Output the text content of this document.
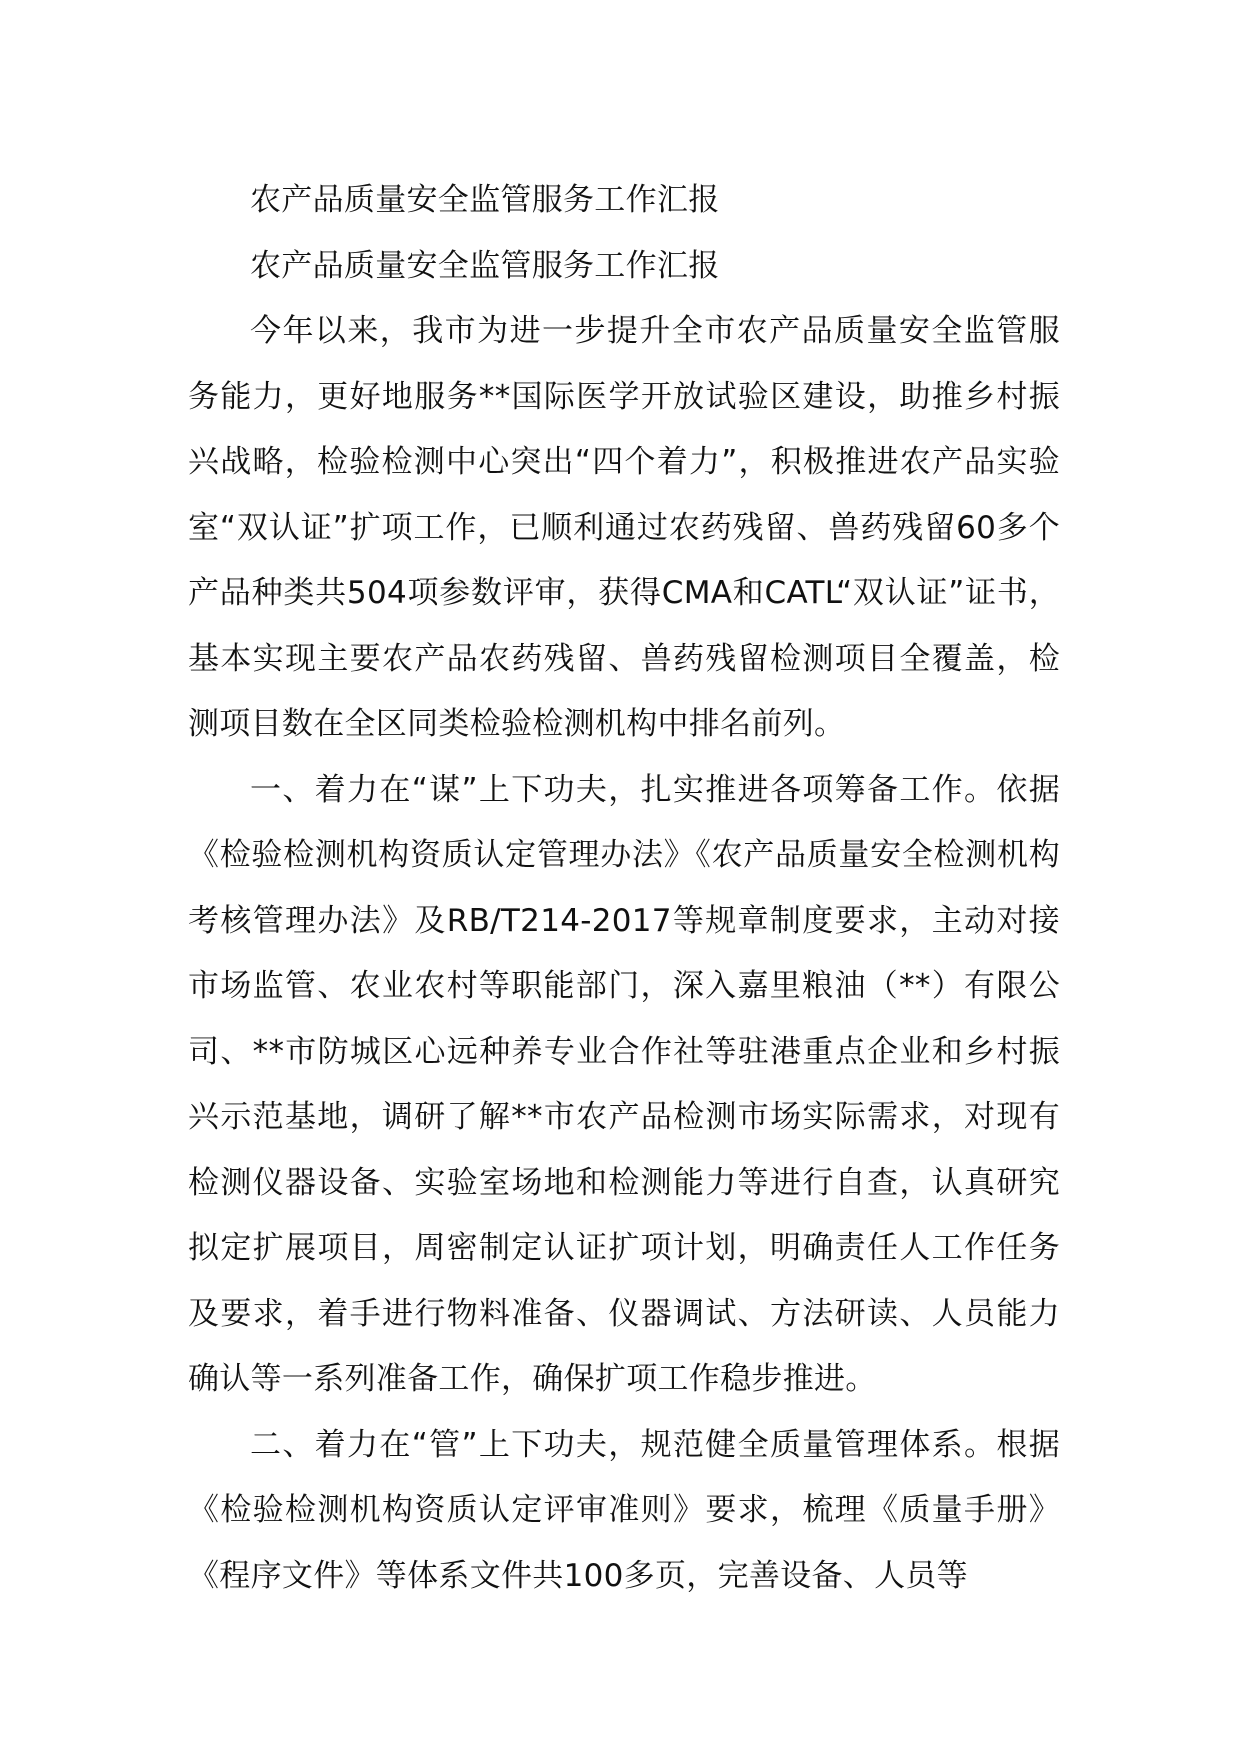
农产品质量安全监管服务工作汇报

农产品质量安全监管服务工作汇报

今年以来，我市为进一步提升全市农产品质量安全监管服务能力，更好地服务**国际医学开放试验区建设，助推乡村振兴战略，检验检测中心突出“四个着力”，积极推进农产品实验室“双认证”扩项工作，已顺利通过农药残留、兽药残留60多个产品种类共504项参数评审，获得CMA和CATL“双认证”证书，基本实现主要农产品农药残留、兽药残留检测项目全覆盖，检测项目数在全区同类检验检测机构中排名前列。

一、着力在“谋”上下功夫，扎实推进各项筹备工作。依据《检验检测机构资质认定管理办法》《农产品质量安全检测机构考核管理办法》及RB/T214-2017等规章制度要求，主动对接市场监管、农业农村等职能部门，深入嘉里粮油（**）有限公司、**市防城区心远种养专业合作社等驻港重点企业和乡村振兴示范基地，调研了解**市农产品检测市场实际需求，对现有检测仪器设备、实验室场地和检测能力等进行自查，认真研究拟定扩展项目，周密制定认证扩项计划，明确责任人工作任务及要求，着手进行物料准备、仪器调试、方法研读、人员能力确认等一系列准备工作，确保扩项工作稳步推进。

二、着力在“管”上下功夫，规范健全质量管理体系。根据《检验检测机构资质认定评审准则》要求，梳理《质量手册》《程序文件》等体系文件共100多页，完善设备、人员等
